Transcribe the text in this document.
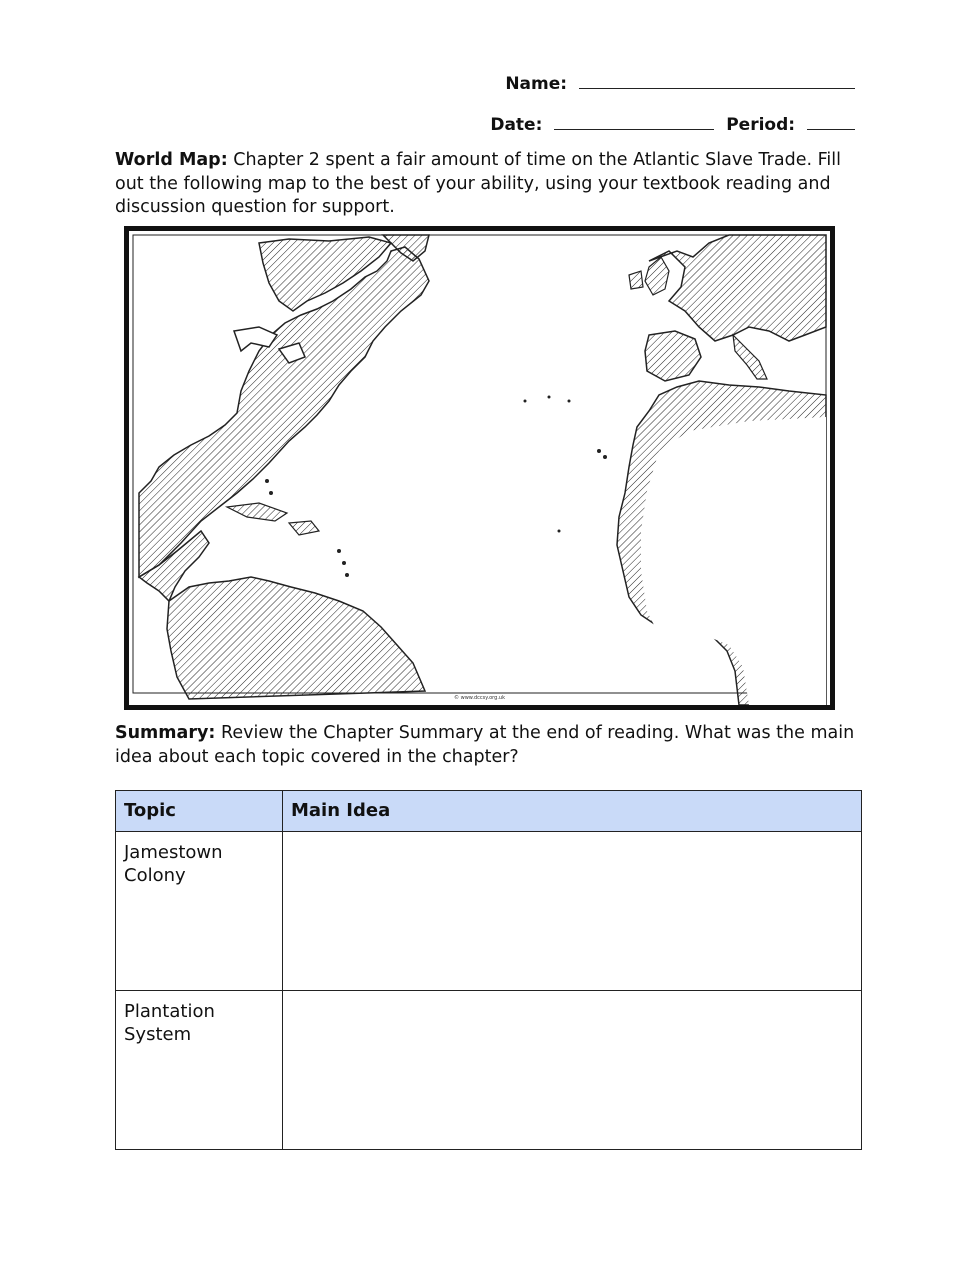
Name:
Date:	Period:
World Map: Chapter 2 spent a fair amount of time on the Atlantic Slave Trade. Fill out the following map to the best of your ability, using your textbook reading and discussion question for support.
© www.dccsy.org.uk
Summary: Review the Chapter Summary at the end of reading. What was the main idea about each topic covered in the chapter?
Topic	Main Idea
Jamestown Colony	
Plantation System	
